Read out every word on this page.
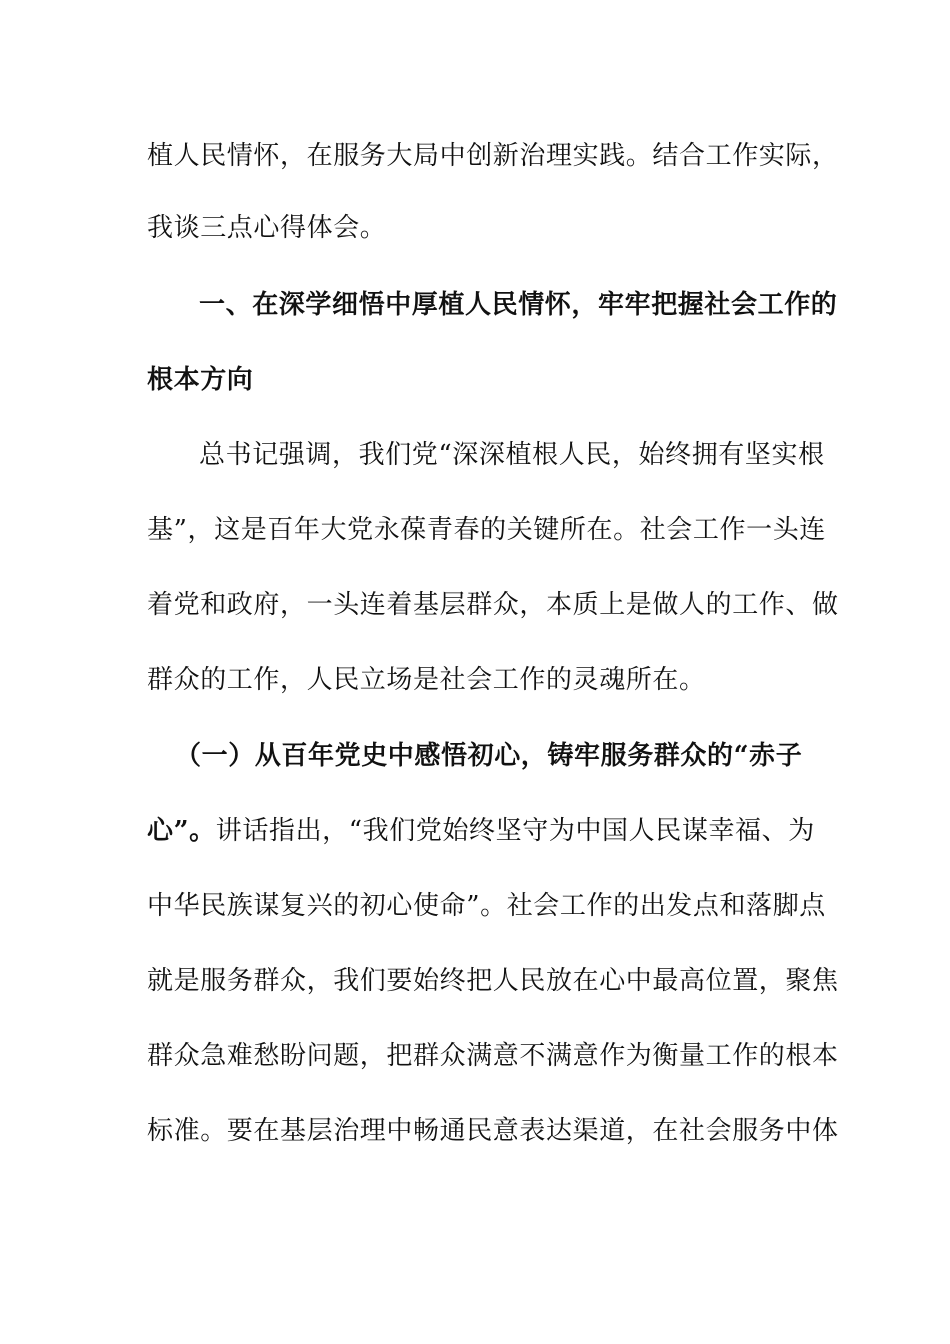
植人民情怀，在服务大局中创新治理实践。结合工作实际，
我谈三点心得体会。
一、在深学细悟中厚植人民情怀，牢牢把握社会工作的
根本方向
总书记强调，我们党“深深植根人民，始终拥有坚实根
基”，这是百年大党永葆青春的关键所在。社会工作一头连
着党和政府，一头连着基层群众，本质上是做人的工作、做
群众的工作，人民立场是社会工作的灵魂所在。
（一）从百年党史中感悟初心，铸牢服务群众的“赤子
心”。讲话指出，“我们党始终坚守为中国人民谋幸福、为
中华民族谋复兴的初心使命”。社会工作的出发点和落脚点
就是服务群众，我们要始终把人民放在心中最高位置，聚焦
群众急难愁盼问题，把群众满意不满意作为衡量工作的根本
标准。要在基层治理中畅通民意表达渠道，在社会服务中体
